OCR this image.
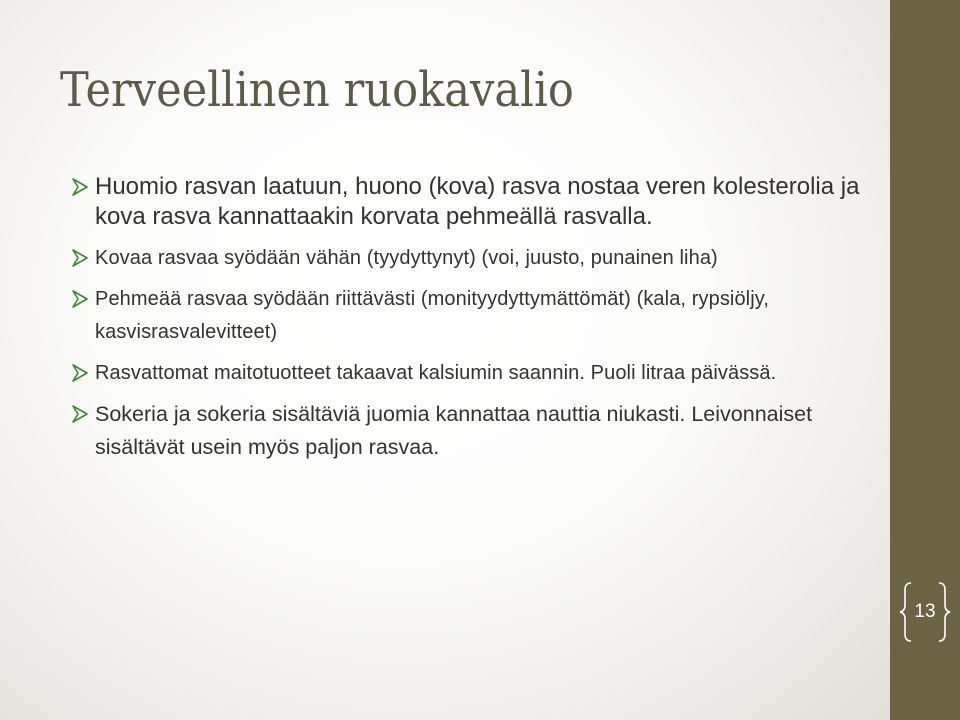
Terveellinen ruokavalio
Huomio rasvan laatuun, huono (kova) rasva nostaa veren kolesterolia ja kova rasva kannattaakin korvata pehmeällä rasvalla.
Kovaa rasvaa syödään vähän (tyydyttynyt) (voi, juusto, punainen liha)
Pehmeää rasvaa syödään riittävästi (monityydyttymättömät) (kala, rypsiöljy, kasvisrasvalevitteet)
Rasvattomat maitotuotteet takaavat kalsiumin saannin. Puoli litraa päivässä.
Sokeria ja sokeria sisältäviä juomia kannattaa nauttia niukasti. Leivonnaiset sisältävät usein myös paljon rasvaa.
13
